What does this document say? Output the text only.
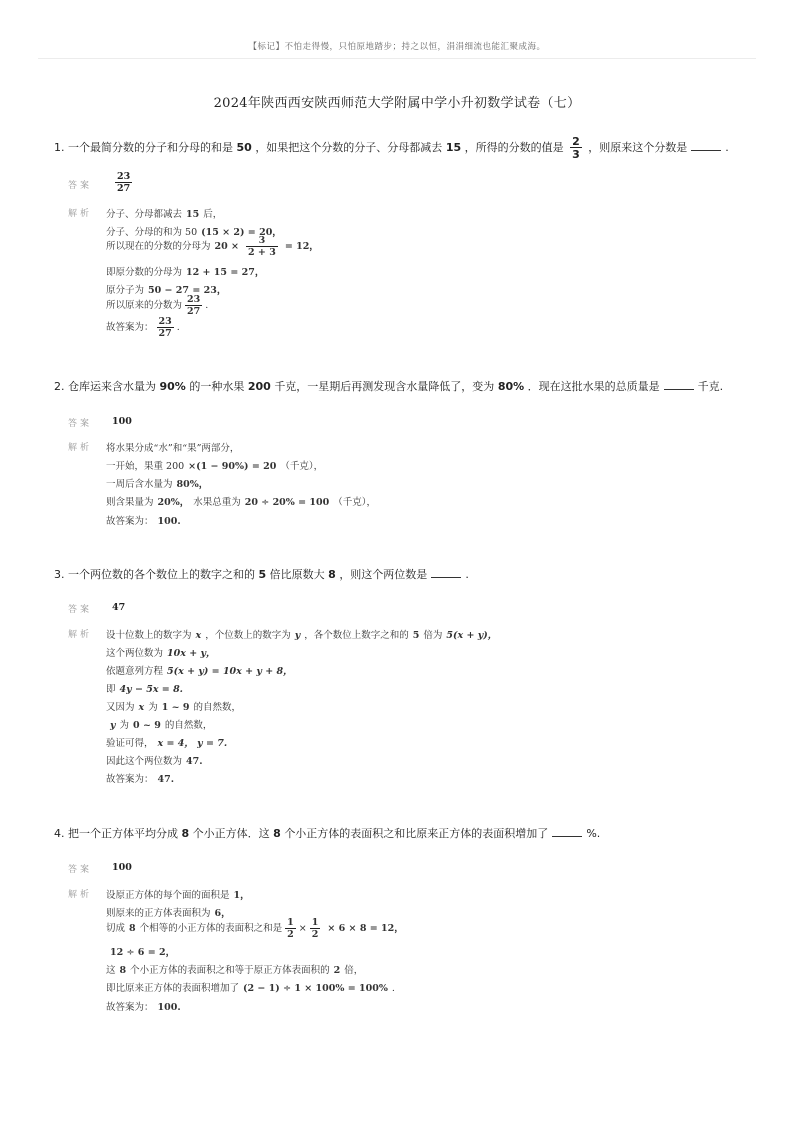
【标记】不怕走得慢，只怕原地踏步；持之以恒，涓涓细流也能汇聚成海。
2024年陕西西安陕西师范大学附属中学小升初数学试卷（七）
1. 一个最简分数的分子和分母的和是 50 ，如果把这个分数的分子、分母都减去 15 ，所得的分数的值是 $\frac{2}{3}$ ，则原来这个分数是	.
答案 $\frac{23}{27}$
解析 分子、分母都减去 15 后，
分子、分母的和为 50 (15 × 2) = 20，
所以现在的分数的分母为 $20 \times \frac{3}{2 + 3} = 12$，
即原分数的分母为 12 + 15 = 27，
原分子为 50 − 27 = 23，
所以原来的分数为 $\frac{23}{27}$ .
故答案为： $\frac{23}{27}$ .
2. 仓库运来含水量为 90% 的一种水果 200 千克，一星期后再测发现含水量降低了，变为 80% ．现在这批水果的总质量是	千克.
答案 100
解析 将水果分成“水”和“果”两部分，
一开始，果重 200 ×(1 − 90%) = 20 （千克），
一周后含水量为 80%，
则含果量为 20%， 水果总重为 20 ÷ 20% = 100 （千克），
故答案为： 100.
3. 一个两位数的各个数位上的数字之和的 5 倍比原数大 8 ，则这个两位数是	.
答案 47
解析 设十位数上的数字为 x ，个位数上的数字为 y ，各个数位上数字之和的 5 倍为 5(x + y)，
这个两位数为 10x + y，
依题意列方程 5(x + y) = 10x + y + 8，
即 4y − 5x = 8.
又因为 x 为 1 ~ 9 的自然数，
y 为 0 ~ 9 的自然数，
验证可得， x = 4， y = 7.
因此这个两位数为 47.
故答案为： 47.
4. 把一个正方体平均分成 8 个小正方体．这 8 个小正方体的表面积之和比原来正方体的表面积增加了	%.
答案 100
解析 设原正方体的每个面的面积是 1，
则原来的正方体表面积为 6，
切成 8 个相等的小正方体的表面积之和是 $\frac{1}{2} \times \frac{1}{2} \times 6 \times 8 = 12$，
12 ÷ 6 = 2，
这 8 个小正方体的表面积之和等于原正方体表面积的 2 倍，
即比原来正方体的表面积增加了 (2 − 1) ÷ 1 × 100% = 100% .
故答案为： 100.
